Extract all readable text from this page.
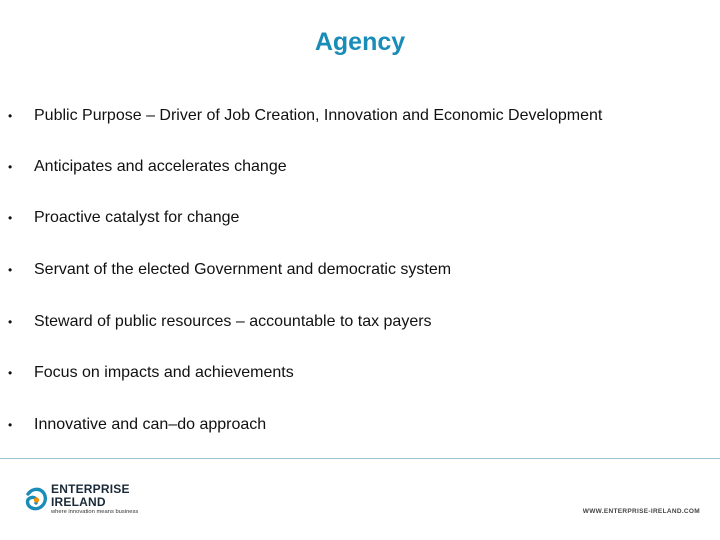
Agency
• Public Purpose – Driver of Job Creation, Innovation and Economic Development
• Anticipates and accelerates change
• Proactive catalyst for change
• Servant of the elected Government and democratic system
• Steward of public resources – accountable to tax payers
• Focus on impacts and achievements
• Innovative and can–do approach
ENTERPRISE
IRELAND
where innovation means business	WWW.ENTERPRISE-IRELAND.COM
